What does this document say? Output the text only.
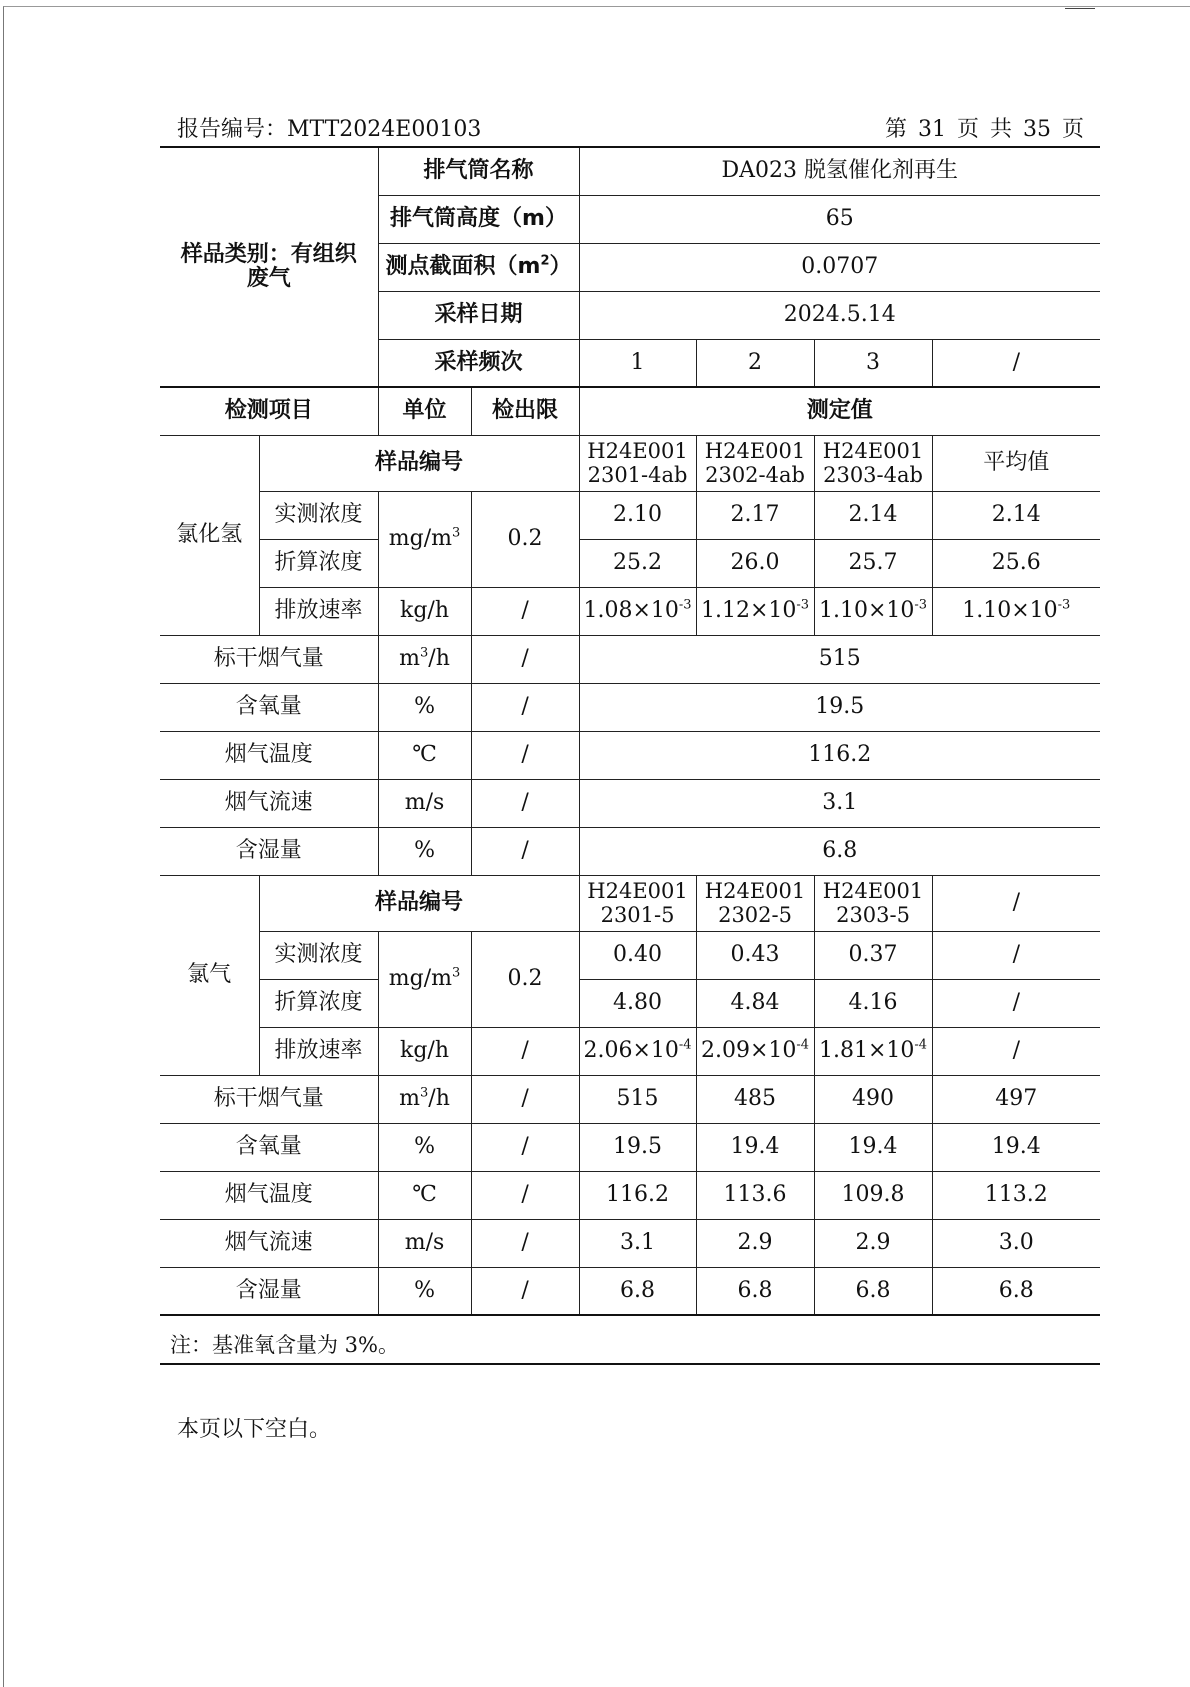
报告编号：MTT2024E00103	第 31 页 共 35 页
样品类别：有组织废气		排气筒名称		DA023 脱氢催化剂再生			
		排气筒高度（m）		65			
		测点截面积$(m^2)$		0.0707			
		采样日期		2024.5.14			
		采样频次		1	2	3	/
检测项目		单位	检出限	测定值			
氯化氢	样品编号			H24E001 2301-4ab	H24E001 2302-4ab	H24E001 2303-4ab	平均值
	实测浓度	$mg/m^3$	0.2	2.10	2.17	2.14	2.14
	折算浓度			25.2	26.0	25.7	25.6
	排放速率	kg/h	/	$1.08\times 10^{-3}$	$1.12\times 10^{-3}$	$1.10\times 10^{-3}$	$1.10\times 10^{-3}$
标干烟气量		$m^3/h$	/	515			
含氧量		%	/	19.5			
烟气温度		℃	/	116.2			
烟气流速		m/s	/	3.1			
含湿量		%	/	6.8			
氯气	样品编号			H24E001 2301-5	H24E001 2302-5	H24E001 2303-5	/
	实测浓度	$mg/m^3$	0.2	0.40	0.43	0.37	/
	折算浓度			4.80	4.84	4.16	/
	排放速率	kg/h	/	$2.06\times 10^{-4}$	$2.09\times 10^{-4}$	$1.81\times 10^{-4}$	/
标干烟气量		$m^3/h$	/	515	485	490	497
含氧量		%	/	19.5	19.4	19.4	19.4
烟气温度		℃	/	116.2	113.6	109.8	113.2
烟气流速		m/s	/	3.1	2.9	2.9	3.0
含湿量		%	/	6.8	6.8	6.8	6.8
注：基准氧含量为 3%。
本页以下空白。
